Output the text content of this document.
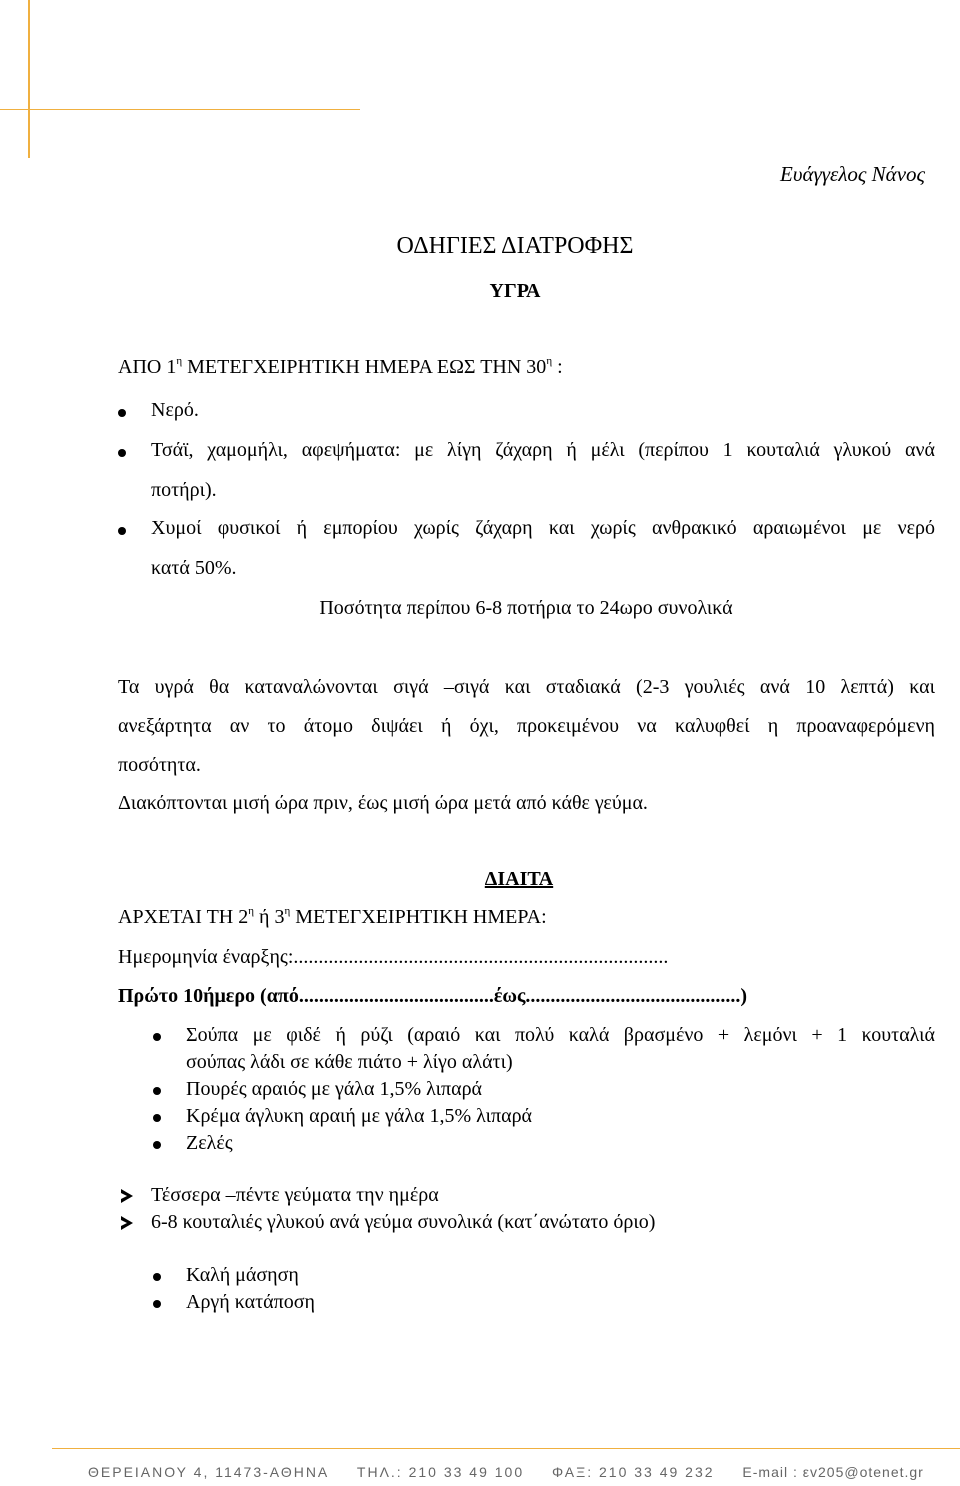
Ευάγγελος Νάνος
ΟΔΗΓΙΕΣ ΔΙΑΤΡΟΦΗΣ
ΥΓΡΑ
ΑΠΟ $1^\eta$ ΜΕΤΕΓΧΕΙΡΗΤΙΚΗ ΗΜΕΡΑ ΕΩΣ ΤΗΝ $30^\eta$ :
Νερό.
Τσάϊ, χαμομήλι, αφεψήματα: με λίγη ζάχαρη ή μέλι (περίπου 1 κουταλιά γλυκού ανά
ποτήρι).
Χυμοί φυσικοί ή εμπορίου χωρίς ζάχαρη και χωρίς ανθρακικό αραιωμένοι με νερό
κατά 50%.
Ποσότητα περίπου 6-8 ποτήρια το 24ωρο συνολικά
Τα υγρά θα καταναλώνονται σιγά –σιγά και σταδιακά (2-3 γουλιές ανά 10 λεπτά) και
ανεξάρτητα αν το άτομο διψάει ή όχι, προκειμένου να καλυφθεί η προαναφερόμενη
ποσότητα.
Διακόπτονται μισή ώρα πριν, έως μισή ώρα μετά από κάθε γεύμα.
ΔΙΑΙΤΑ
ΑΡΧΕΤΑΙ ΤΗ $2^\eta$ ή $3^\eta$ ΜΕΤΕΓΧΕΙΡΗΤΙΚΗ ΗΜΕΡΑ:
Ημερομηνία έναρξης:...........................................................................
Πρώτο 10ήμερο (από.......................................έως...........................................)
Σούπα με φιδέ ή ρύζι (αραιό και πολύ καλά βρασμένο + λεμόνι + 1 κουταλιά
σούπας λάδι σε κάθε πιάτο + λίγο αλάτι)
Πουρές αραιός με γάλα 1,5% λιπαρά
Κρέμα άγλυκη αραιή με γάλα 1,5% λιπαρά
Ζελές
Τέσσερα –πέντε γεύματα την ημέρα
6-8 κουταλιές γλυκού ανά γεύμα συνολικά (κατ΄ανώτατο όριο)
Καλή μάσηση
Αργή κατάποση
ΘΕΡΕΙΑΝΟΥ 4, 11473-ΑΘΗΝΑ ΤΗΛ.: 210 33 49 100 ΦΑΞ: 210 33 49 232 E-mail : εv205@otenet.gr
